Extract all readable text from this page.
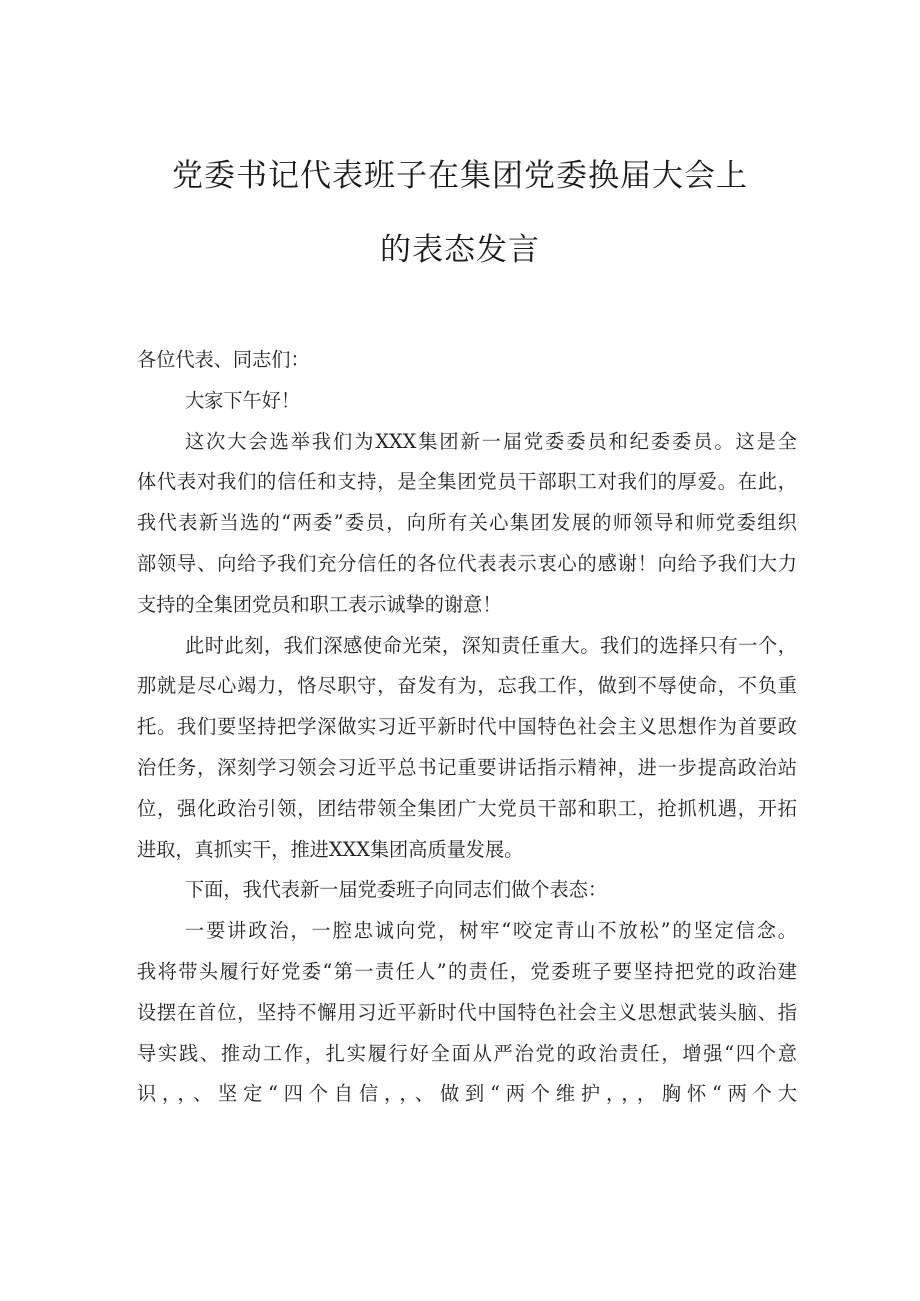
党委书记代表班子在集团党委换届大会上
的表态发言
各位代表、同志们：
大家下午好！
这次大会选举我们为XXX集团新一届党委委员和纪委委员。这是全
体代表对我们的信任和支持，是全集团党员干部职工对我们的厚爱。在此，
我代表新当选的“两委”委员，向所有关心集团发展的师领导和师党委组织
部领导、向给予我们充分信任的各位代表表示衷心的感谢！向给予我们大力
支持的全集团党员和职工表示诚挚的谢意！
此时此刻，我们深感使命光荣，深知责任重大。我们的选择只有一个，
那就是尽心竭力，恪尽职守，奋发有为，忘我工作，做到不辱使命，不负重
托。我们要坚持把学深做实习近平新时代中国特色社会主义思想作为首要政
治任务，深刻学习领会习近平总书记重要讲话指示精神，进一步提高政治站
位，强化政治引领，团结带领全集团广大党员干部和职工，抢抓机遇，开拓
进取，真抓实干，推进XXX集团高质量发展。
下面，我代表新一届党委班子向同志们做个表态：
一要讲政治，一腔忠诚向党，树牢“咬定青山不放松”的坚定信念。
我将带头履行好党委“第一责任人”的责任，党委班子要坚持把党的政治建
设摆在首位，坚持不懈用习近平新时代中国特色社会主义思想武装头脑、指
导实践、推动工作，扎实履行好全面从严治党的政治责任，增强“四个意
识，，、坚定“四个自信，，、做到“两个维护，，，胸怀“两个大
